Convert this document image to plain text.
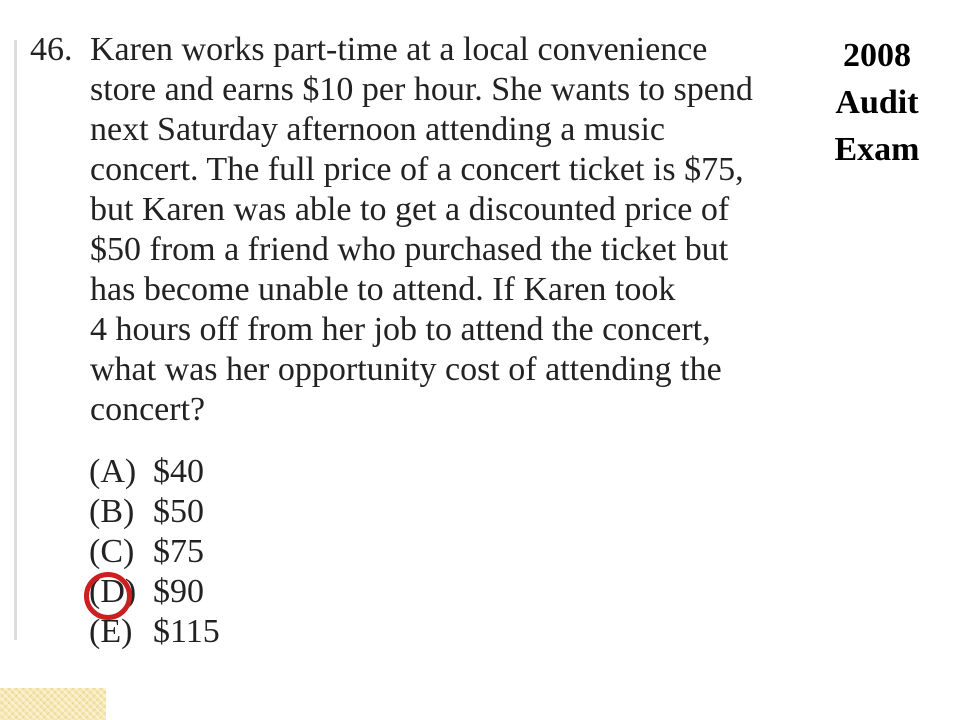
2008
Audit
Exam
46. Karen works part-time at a local convenience
store and earns $10 per hour. She wants to spend
next Saturday afternoon attending a music
concert. The full price of a concert ticket is $75,
but Karen was able to get a discounted price of
$50 from a friend who purchased the ticket but
has become unable to attend. If Karen took
4 hours off from her job to attend the concert,
what was her opportunity cost of attending the
concert?
(A) $40
(B) $50
(C) $75
(D) $90
(E) $115
